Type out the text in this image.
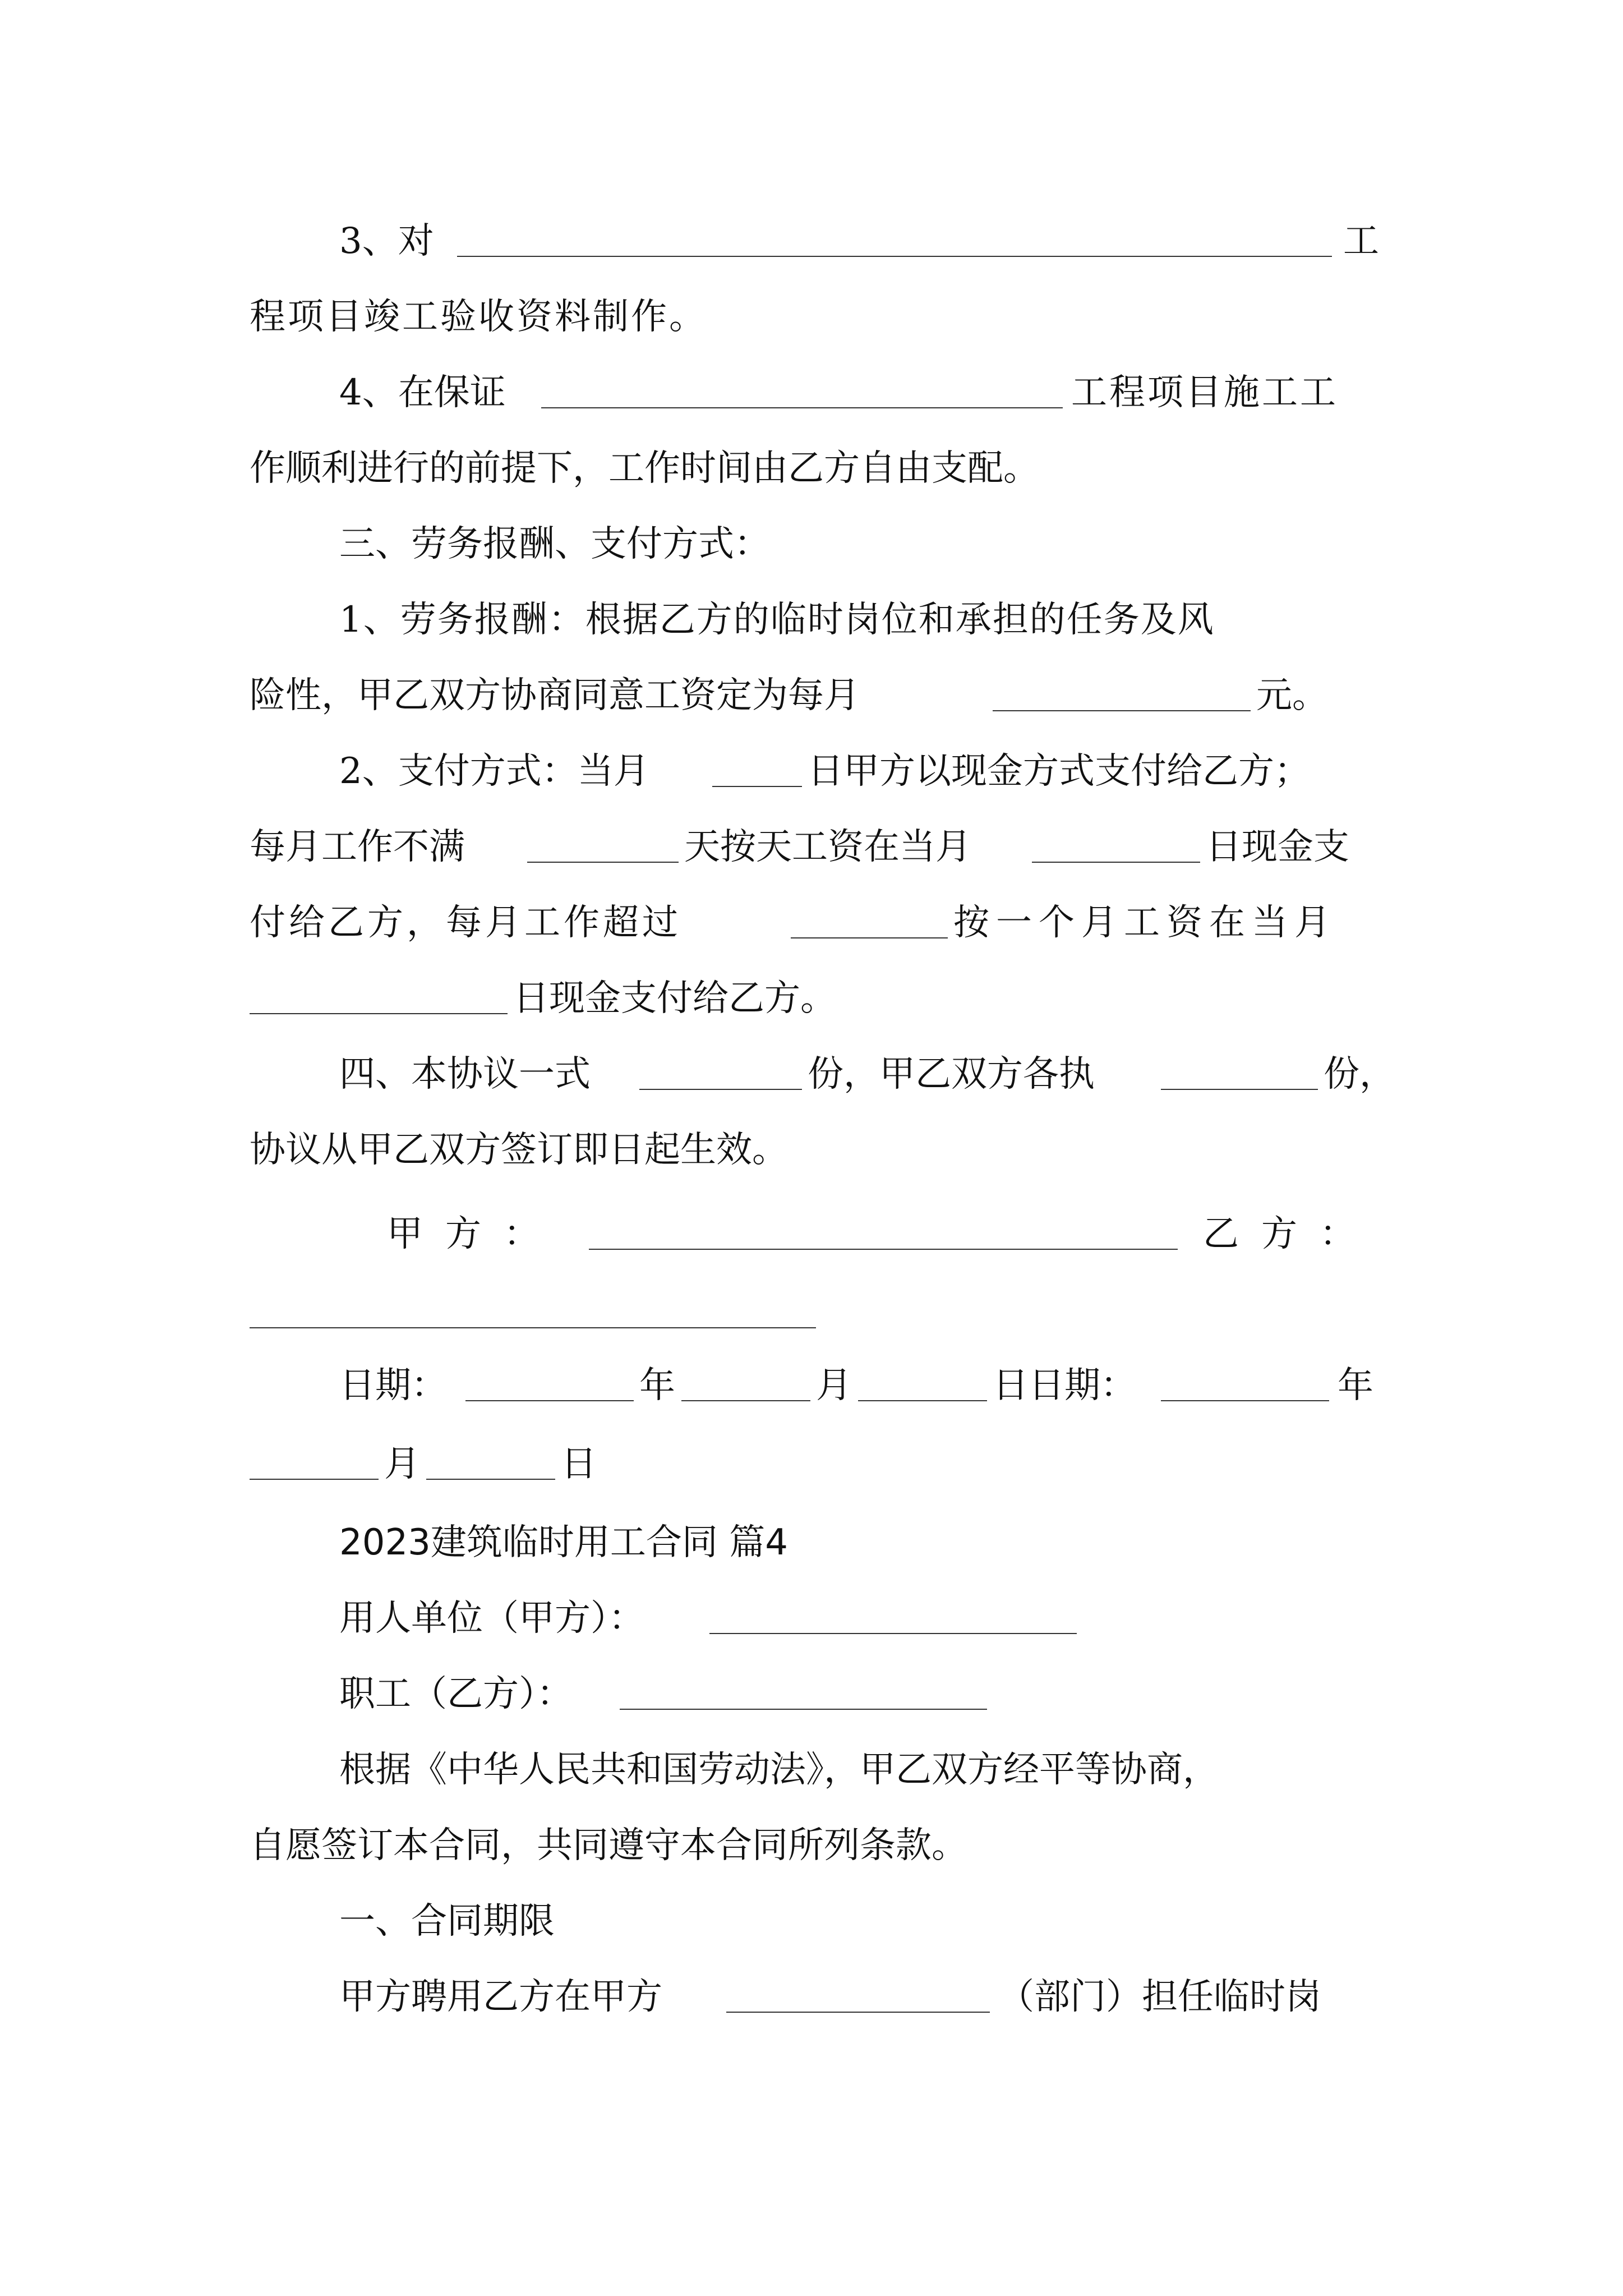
3、对	工
程项目竣工验收资料制作。
4、在保证	工程项目施工工
作顺利进行的前提下，工作时间由乙方自由支配。
三、劳务报酬、支付方式：
1、劳务报酬：根据乙方的临时岗位和承担的任务及风
险性，甲乙双方协商同意工资定为每月	元。
2、支付方式：当月	日甲方以现金方式支付给乙方；
每月工作不满	天按天工资在当月	日现金支
付给乙方，每月工作超过	按一个月工资在当月
日现金支付给乙方。
四、本协议一式	份，甲乙双方各执	份，
协议从甲乙双方签订即日起生效。
甲方：	乙方：
日期：	年	月	日日期：	年
月	日
2023建筑临时用工合同 篇4
用人单位（甲方）：
职工（乙方）：
根据《中华人民共和国劳动法》，甲乙双方经平等协商，
自愿签订本合同，共同遵守本合同所列条款。
一、合同期限
甲方聘用乙方在甲方	（部门）担任临时岗
